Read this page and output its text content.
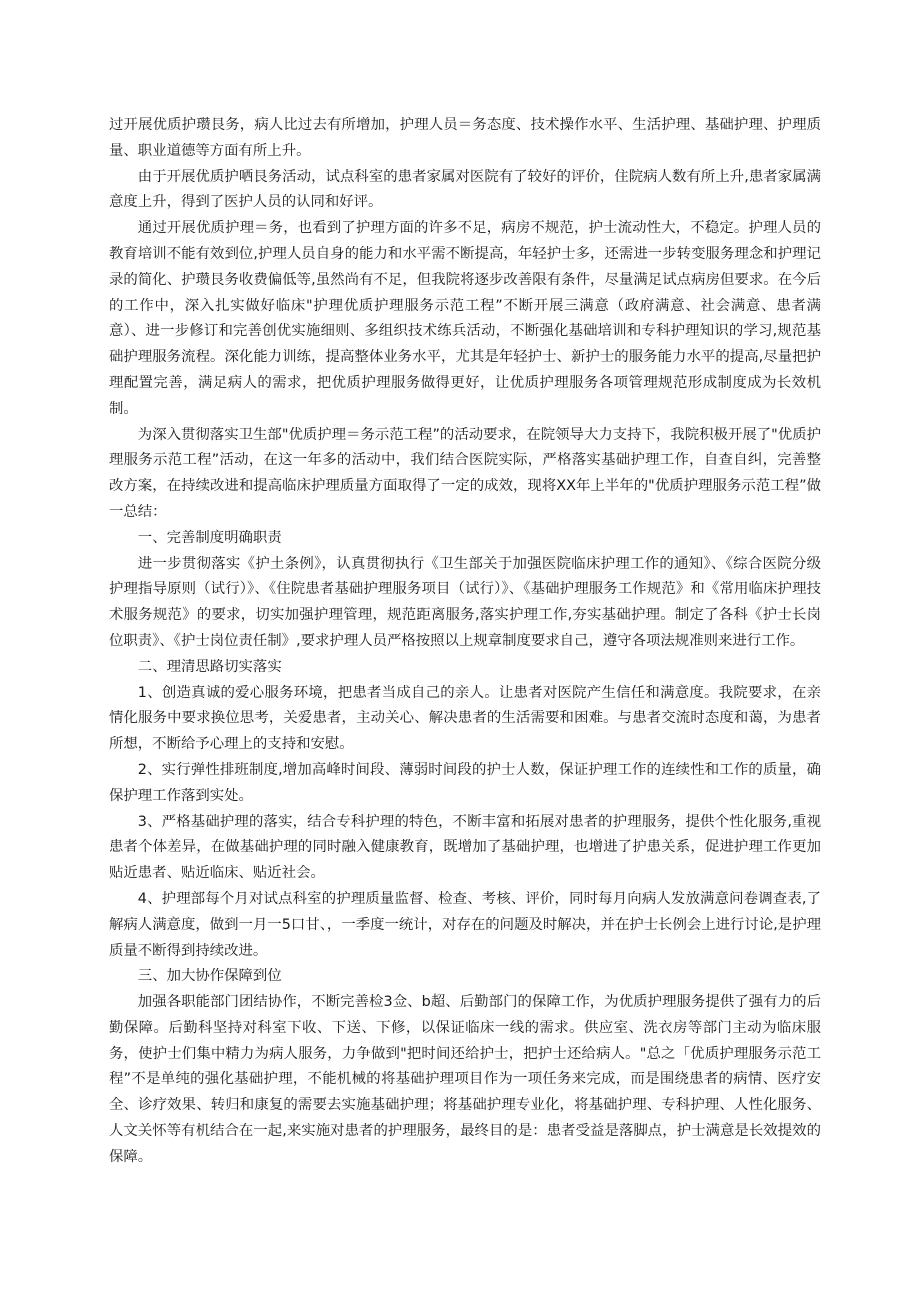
过开展优质护瓒艮务，病人比过去有所增加，护理人员＝务态度、技术操作水平、生活护理、基础护理、护理质量、职业道德等方面有所上升。

由于开展优质护哂艮务活动，试点科室的患者家属对医院有了较好的评价，住院病人数有所上升,患者家属满意度上升，得到了医护人员的认同和好评。

通过开展优质护理＝务，也看到了护理方面的许多不足，病房不规范，护士流动性大，不稳定。护理人员的教育培训不能有效到位,护理人员自身的能力和水平需不断提高，年轻护士多，还需进一步转变服务理念和护理记录的简化、护瓒艮务收费偏低等,虽然尚有不足，但我院将逐步改善限有条件，尽量满足试点病房但要求。在今后的工作中，深入扎实做好临床"护理优质护理服务示范工程”不断开展三满意（政府满意、社会满意、患者满意）、进一步修订和完善创优实施细则、多组织技术练兵活动，不断强化基础培训和专科护理知识的学习,规范基础护理服务流程。深化能力训练，提高整体业务水平，尤其是年轻护士、新护士的服务能力水平的提高,尽量把护理配置完善，满足病人的需求，把优质护理服务做得更好，让优质护理服务各项管理规范形成制度成为长效机制。

为深入贯彻落实卫生部"优质护理＝务示范工程”的活动要求，在院领导大力支持下，我院积极开展了"优质护理服务示范工程”活动，在这一年多的活动中，我们结合医院实际，严格落实基础护理工作，自查自纠，完善整改方案，在持续改进和提高临床护理质量方面取得了一定的成效，现将XX年上半年的"优质护理服务示范工程”做一总结：

一、完善制度明确职责

进一步贯彻落实《护土条例》，认真贯彻执行《卫生部关于加强医院临床护理工作的通知》、《综合医院分级护理指导原则（试行）》、《住院患者基础护理服务项目（试行）》、《基础护理服务工作规范》和《常用临床护理技术服务规范》的要求，切实加强护理管理，规范距离服务,落实护理工作,夯实基础护理。制定了各科《护士长岗位职责》、《护士岗位责任制》,要求护理人员严格按照以上规章制度要求自己，遵守各项法规准则来进行工作。

二、理清思路切实落实

1、创造真诚的爱心服务环境，把患者当成自己的亲人。让患者对医院产生信任和满意度。我院要求，在亲情化服务中要求换位思考，关爱患者，主动关心、解决患者的生活需要和困难。与患者交流时态度和蔼，为患者所想，不断给予心理上的支持和安慰。

2、实行弹性排班制度,增加高峰时间段、薄弱时间段的护士人数，保证护理工作的连续性和工作的质量，确保护理工作落到实处。

3、严格基础护理的落实，结合专科护理的特色，不断丰富和拓展对患者的护理服务，提供个性化服务,重视患者个体差异，在做基础护理的同时融入健康教育，既增加了基础护理，也增进了护患关系，促进护理工作更加贴近患者、贴近临床、贴近社会。

4、护理部每个月对试点科室的护理质量监督、检查、考核、评价，同时每月向病人发放满意问卷调查表,了解病人满意度，做到一月一5口甘、，一季度一统计，对存在的问题及时解决，并在护士长例会上进行讨论,是护理质量不断得到持续改进。

三、加大协作保障到位

加强各职能部门团结协作，不断完善检3佥、b超、后勤部门的保障工作，为优质护理服务提供了强有力的后勤保障。后勤科坚持对科室下收、下送、下修，以保证临床一线的需求。供应室、洗衣房等部门主动为临床服务，使护士们集中精力为病人服务，力争做到"把时间还给护士，把护士还给病人。"总之「优质护理服务示范工程”不是单纯的强化基础护理，不能机械的将基础护理项目作为一项任务来完成，而是围绕患者的病情、医疗安全、诊疗效果、转归和康复的需要去实施基础护理；将基础护理专业化，将基础护理、专科护理、人性化服务、人文关怀等有机结合在一起,来实施对患者的护理服务，最终目的是：患者受益是落脚点，护士满意是长效提效的保障。
